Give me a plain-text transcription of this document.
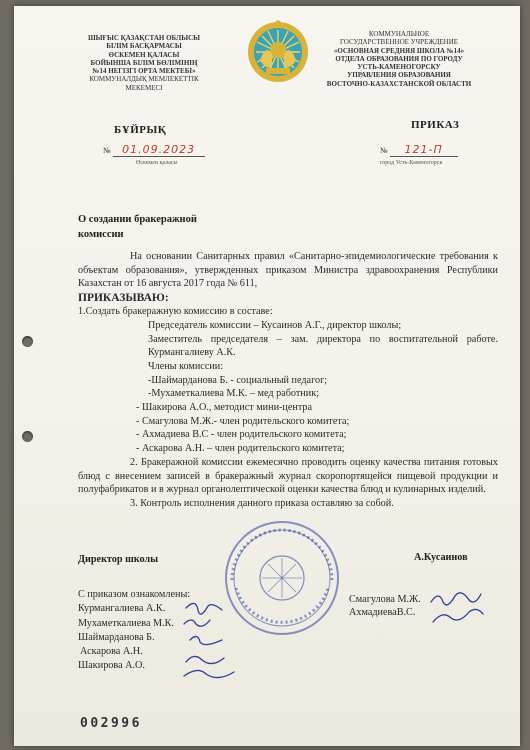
ШЫҒЫС ҚАЗАҚСТАН ОБЛЫСЫ
БІЛІМ БАСҚАРМАСЫ
ӨСКЕМЕН ҚАЛАСЫ
БОЙЫНША БІЛІМ БӨЛІМІНІҢ
№14 НЕГІЗГІ ОРТА МЕКТЕБІ»
КОММУНАЛДЫҚ МЕМЛЕКЕТТІК
МЕКЕМЕСІ
КОММУНАЛЬНОЕ
ГОСУДАРСТВЕННОЕ УЧРЕЖДЕНИЕ
«ОСНОВНАЯ СРЕДНЯЯ ШКОЛА №14»
ОТДЕЛА ОБРАЗОВАНИЯ ПО ГОРОДУ
УСТЬ-КАМЕНОГОРСКУ
УПРАВЛЕНИЯ ОБРАЗОВАНИЯ
ВОСТОЧНО-КАЗАХСТАНСКОЙ ОБЛАСТИ
БҰЙРЫҚ	ПРИКАЗ
№ 01.09.2023	№ 121-П
Өскемен қаласы	город Усть-Каменогорск
О создании бракеражной
комиссии

На основании Санитарных правил «Санитарно-эпидемиологические требования к объектам образования», утвержденных приказом Министра здравоохранения Республики Казахстан от 16 августа 2017 года № 611,

ПРИКАЗЫВАЮ:

1.Создать бракеражную комиссию в составе:

Председатель комиссии – Кусаинов А.Г., директор школы;

Заместитель председателя – зам. директора по воспитательной работе. Курмангалиеву А.К.

Члены комиссии:

-Шаймарданова Б. - социальный педагог;

-Мухаметкалиева М.К. – мед работник;

- Шакирова А.О., методист мини-центра

- Смагулова М.Ж.- член родительского комитета;

- Ахмадиева В.С - член родительского комитета;

- Аскарова А.Н. – член родительского комитета;

2. Бракеражной комиссии ежемесячно проводить оценку качества питания готовых блюд с внесением записей в бракеражный журнал скоропортящейся пищевой продукции и полуфабрикатов и в журнал органолептической оценки качества блюд и кулинарных изделий.

3. Контроль исполнения данного приказа оставляю за собой.

Директор школы	А.Кусаинов
С приказом ознакомлены:
Курмангалиева А.К.
Мухаметкалиева М.К.
Шаймарданова Б.
Аскарова А.Н.
Шакирова А.О.
Смагулова М.Ж.
АхмадиеваВ.С.
002996
